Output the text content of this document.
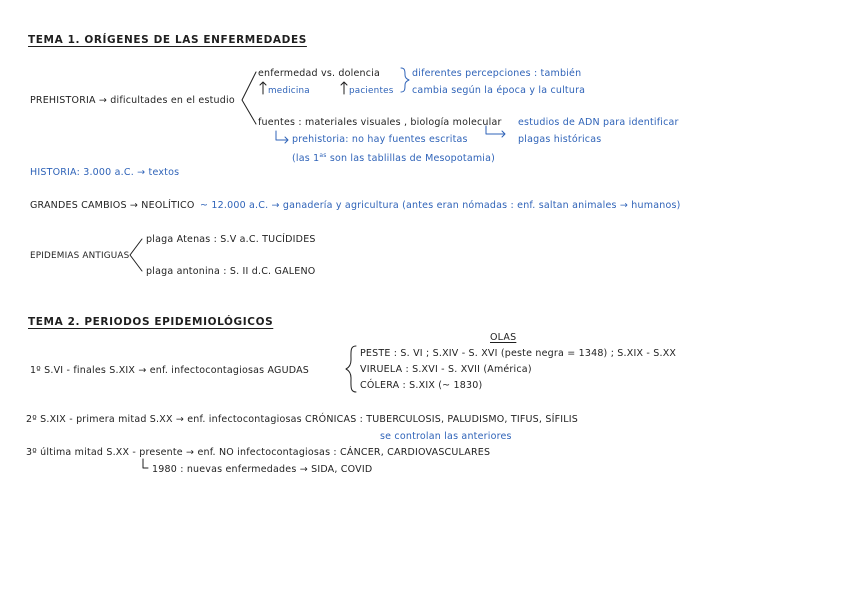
TEMA 1. ORÍGENES DE LAS ENFERMEDADES
PREHISTORIA → dificultades en el estudio
enfermedad vs. dolencia
medicina	pacientes
diferentes percepciones : también
cambia según la época y la cultura
fuentes : materiales visuales , biología molecular estudios de ADN para identificar
plagas históricas
prehistoria: no hay fuentes escritas
(las $1^{as}$ son las tablillas de Mesopotamia)
HISTORIA: 3.000 a.C. → textos
GRANDES CAMBIOS → NEOLÍTICO ~ 12.000 a.C. → ganadería y agricultura (antes eran nómadas : enf. saltan animales → humanos)
EPIDEMIAS ANTIGUAS
plaga Atenas : S.V a.C. TUCÍDIDES
plaga antonina : S. II d.C. GALENO
TEMA 2. PERIODOS EPIDEMIOLÓGICOS
OLAS
1º S.VI - finales S.XIX → enf. infectocontagiosas AGUDAS
PESTE : S. VI ; S.XIV - S. XVI (peste negra = 1348) ; S.XIX - S.XX
VIRUELA : S.XVI - S. XVII (América)
CÓLERA : S.XIX (~ 1830)
2º S.XIX - primera mitad S.XX → enf. infectocontagiosas CRÓNICAS : TUBERCULOSIS, PALUDISMO, TIFUS, SÍFILIS
se controlan las anteriores
3º última mitad S.XX - presente → enf. NO infectocontagiosas : CÁNCER, CARDIOVASCULARES
1980 : nuevas enfermedades → SIDA, COVID
